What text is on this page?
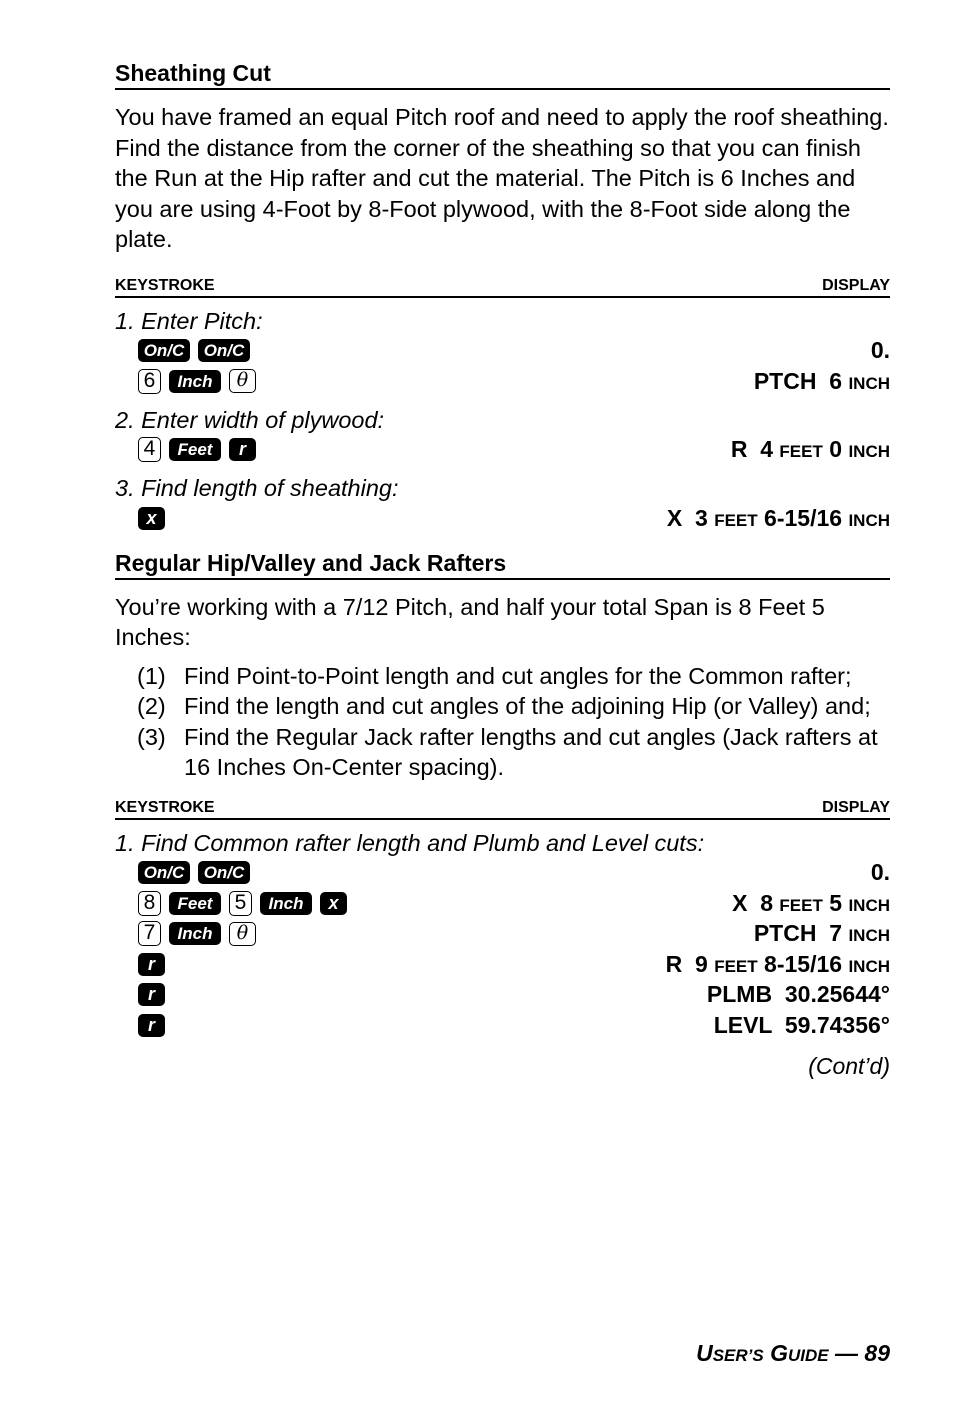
Sheathing Cut
You have framed an equal Pitch roof and need to apply the roof sheathing. Find the distance from the corner of the sheathing so that you can finish the Run at the Hip rafter and cut the material. The Pitch is 6 Inches and you are using 4-Foot by 8-Foot plywood, with the 8-Foot side along the plate.
KEYSTROKE	DISPLAY
1. Enter Pitch:
On/C	On/C	0.
6	Inch	θ	PTCH 6 INCH
2. Enter width of plywood:
4	Feet	r	R 4 FEET 0 INCH
3. Find length of sheathing:
x	X 3 FEET 6-15/16 INCH
Regular Hip/Valley and Jack Rafters
You’re working with a 7/12 Pitch, and half your total Span is 8 Feet 5 Inches:
(1) Find Point-to-Point length and cut angles for the Common rafter;
(2) Find the length and cut angles of the adjoining Hip (or Valley) and;
(3) Find the Regular Jack rafter lengths and cut angles (Jack rafters at 16 Inches On-Center spacing).
KEYSTROKE	DISPLAY
1. Find Common rafter length and Plumb and Level cuts:
On/C	On/C	0.
8	Feet	5	Inch	x	X 8 FEET 5 INCH
7	Inch	θ	PTCH 7 INCH
r	R 9 FEET 8-15/16 INCH
r	PLMB 30.25644°
r	LEVL 59.74356°
(Cont’d)
USER’S GUIDE — 89
